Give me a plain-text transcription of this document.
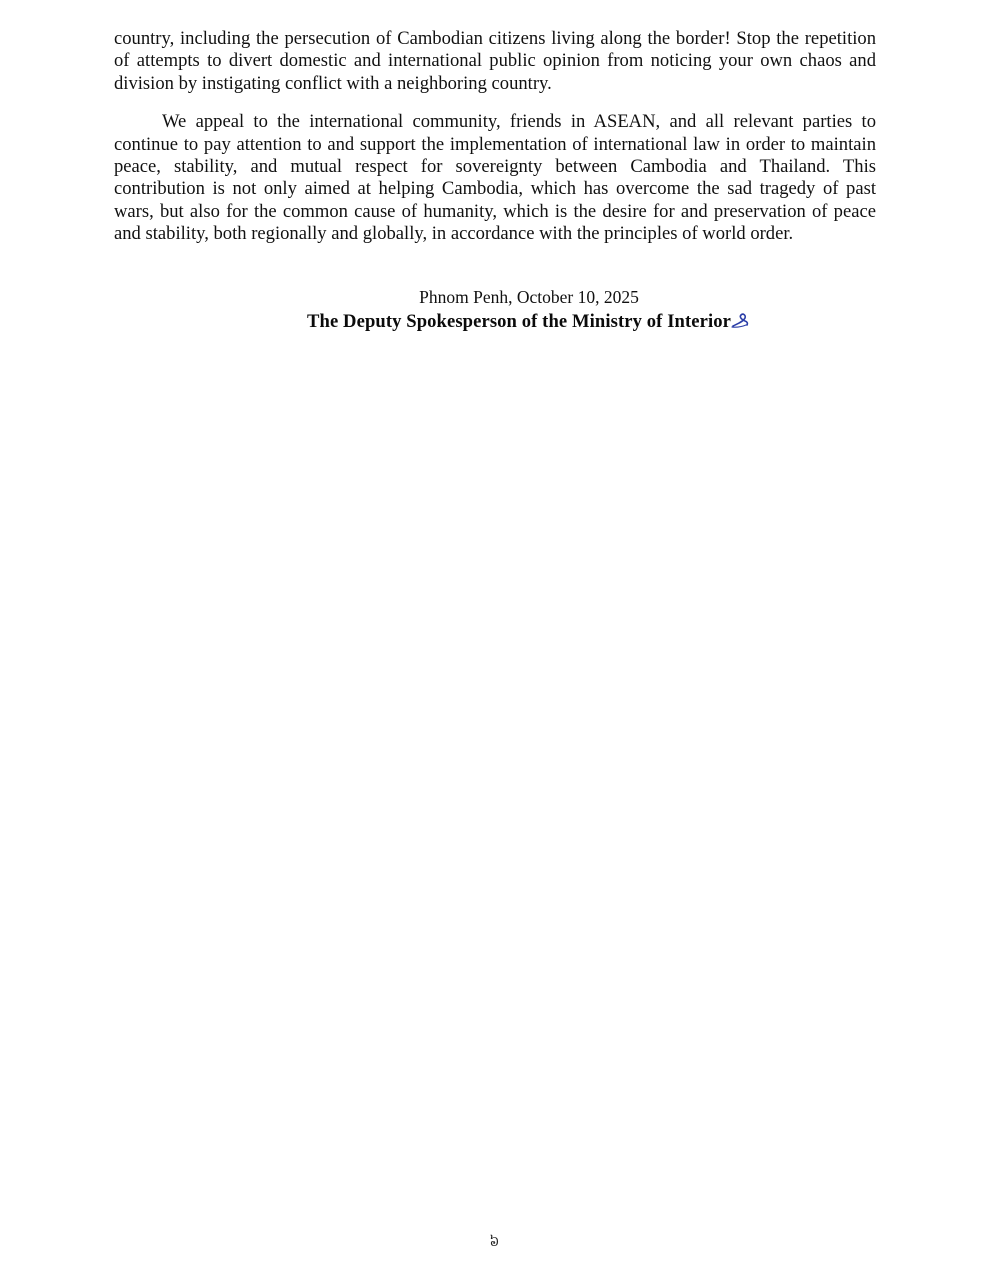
country, including the persecution of Cambodian citizens living along the border! Stop the repetition of attempts to divert domestic and international public opinion from noticing your own chaos and division by instigating conflict with a neighboring country.

We appeal to the international community, friends in ASEAN, and all relevant parties to continue to pay attention to and support the implementation of international law in order to maintain peace, stability, and mutual respect for sovereignty between Cambodia and Thailand. This contribution is not only aimed at helping Cambodia, which has overcome the sad tragedy of past wars, but also for the common cause of humanity, which is the desire for and preservation of peace and stability, both regionally and globally, in accordance with the principles of world order.

Phnom Penh, October 10, 2025
The Deputy Spokesperson of the Ministry of Interior
៦
